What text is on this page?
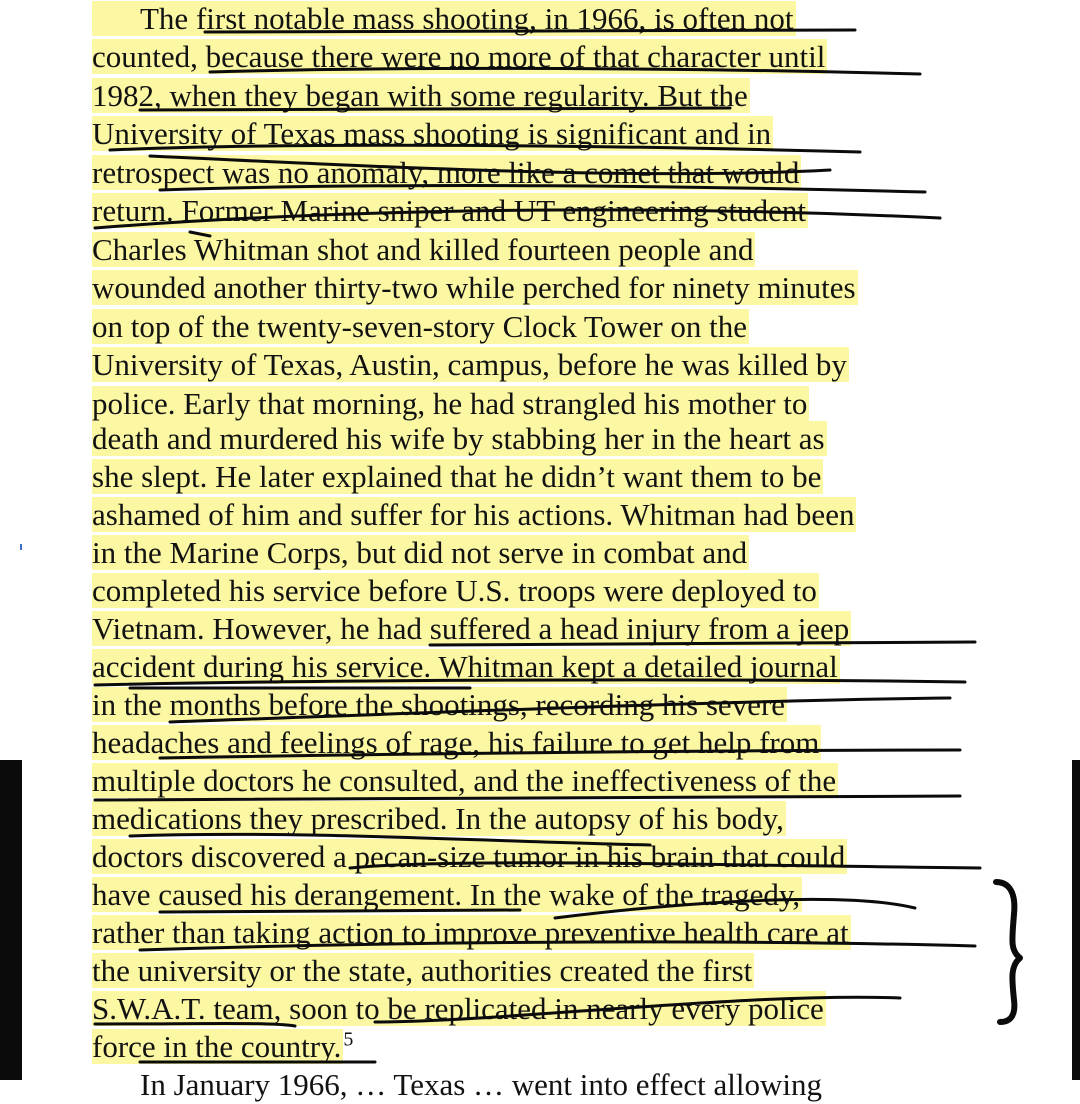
The first notable mass shooting, in 1966, is often not
counted, because there were no more of that character until
1982, when they began with some regularity. But the
University of Texas mass shooting is significant and in
retrospect was no anomaly, more like a comet that would
return. Former Marine sniper and UT engineering student
Charles Whitman shot and killed fourteen people and
wounded another thirty-two while perched for ninety minutes
on top of the twenty-seven-story Clock Tower on the
University of Texas, Austin, campus, before he was killed by
police. Early that morning, he had strangled his mother to
death and murdered his wife by stabbing her in the heart as
she slept. He later explained that he didn’t want them to be
ashamed of him and suffer for his actions. Whitman had been
in the Marine Corps, but did not serve in combat and
completed his service before U.S. troops were deployed to
Vietnam. However, he had suffered a head injury from a jeep
accident during his service. Whitman kept a detailed journal
in the months before the shootings, recording his severe
headaches and feelings of rage, his failure to get help from
multiple doctors he consulted, and the ineffectiveness of the
medications they prescribed. In the autopsy of his body,
doctors discovered a pecan-size tumor in his brain that could
have caused his derangement. In the wake of the tragedy,
rather than taking action to improve preventive health care at
the university or the state, authorities created the first
S.W.A.T. team, soon to be replicated in nearly every police
force in the country. $^5$
In January 1966, … Texas … went into effect allowing
